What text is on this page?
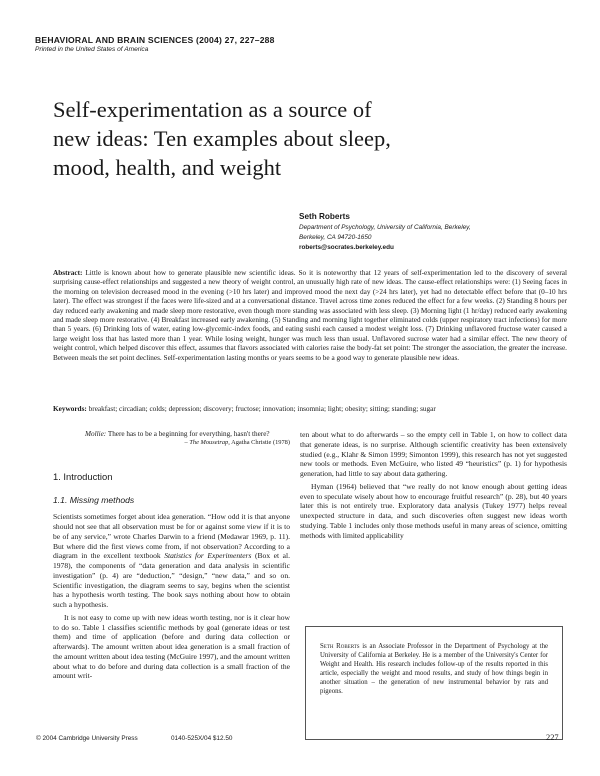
BEHAVIORAL AND BRAIN SCIENCES (2004) 27, 227–288
Printed in the United States of America
Self-experimentation as a source of
new ideas: Ten examples about sleep,
mood, health, and weight
Seth Roberts
Department of Psychology, University of California, Berkeley,
Berkeley, CA 94720-1650
roberts@socrates.berkeley.edu

Abstract: Little is known about how to generate plausible new scientific ideas. So it is noteworthy that 12 years of self-experimentation led to the discovery of several surprising cause-effect relationships and suggested a new theory of weight control, an unusually high rate of new ideas. The cause-effect relationships were: (1) Seeing faces in the morning on television decreased mood in the evening (>10 hrs later) and improved mood the next day (>24 hrs later), yet had no detectable effect before that (0–10 hrs later). The effect was strongest if the faces were life-sized and at a conversational distance. Travel across time zones reduced the effect for a few weeks. (2) Standing 8 hours per day reduced early awakening and made sleep more restorative, even though more standing was associated with less sleep. (3) Morning light (1 hr/day) reduced early awakening and made sleep more restorative. (4) Breakfast increased early awakening. (5) Standing and morning light together eliminated colds (upper respiratory tract infections) for more than 5 years. (6) Drinking lots of water, eating low-glycemic-index foods, and eating sushi each caused a modest weight loss. (7) Drinking unflavored fructose water caused a large weight loss that has lasted more than 1 year. While losing weight, hunger was much less than usual. Unflavored sucrose water had a similar effect. The new theory of weight control, which helped discover this effect, assumes that flavors associated with calories raise the body-fat set point: The stronger the association, the greater the increase. Between meals the set point declines. Self-experimentation lasting months or years seems to be a good way to generate plausible new ideas.

Keywords: breakfast; circadian; colds; depression; discovery; fructose; innovation; insomnia; light; obesity; sitting; standing; sugar

Mollie: There has to be a beginning for everything, hasn't there?

– The Mousetrap, Agatha Christie (1978)

1. Introduction
1.1. Missing methods

Scientists sometimes forget about idea generation. “How odd it is that anyone should not see that all observation must be for or against some view if it is to be of any service,” wrote Charles Darwin to a friend (Medawar 1969, p. 11). But where did the first views come from, if not observation? According to a diagram in the excellent textbook Statistics for Experimenters (Box et al. 1978), the components of “data generation and data analysis in scientific investigation” (p. 4) are “deduction,” “design,” “new data,” and so on. Scientific investigation, the diagram seems to say, begins when the scientist has a hypothesis worth testing. The book says nothing about how to obtain such a hypothesis.

It is not easy to come up with new ideas worth testing, nor is it clear how to do so. Table 1 classifies scientific methods by goal (generate ideas or test them) and time of application (before and during data collection or afterwards). The amount written about idea generation is a small fraction of the amount written about idea testing (McGuire 1997), and the amount written about what to do before and during data collection is a small fraction of the amount writ-

ten about what to do afterwards – so the empty cell in Table 1, on how to collect data that generate ideas, is no surprise. Although scientific creativity has been extensively studied (e.g., Klahr & Simon 1999; Simonton 1999), this research has not yet suggested new tools or methods. Even McGuire, who listed 49 “heuristics” (p. 1) for hypothesis generation, had little to say about data gathering.

Hyman (1964) believed that “we really do not know enough about getting ideas even to speculate wisely about how to encourage fruitful research” (p. 28), but 40 years later this is not entirely true. Exploratory data analysis (Tukey 1977) helps reveal unexpected structure in data, and such discoveries often suggest new ideas worth studying. Table 1 includes only those methods useful in many areas of science, omitting methods with limited applicability

Seth Roberts is an Associate Professor in the Department of Psychology at the University of California at Berkeley. He is a member of the University's Center for Weight and Health. His research includes follow-up of the results reported in this article, especially the weight and mood results, and study of how things begin in another situation – the generation of new instrumental behavior by rats and pigeons.
© 2004 Cambridge University Press	0140-525X/04 $12.50	227
